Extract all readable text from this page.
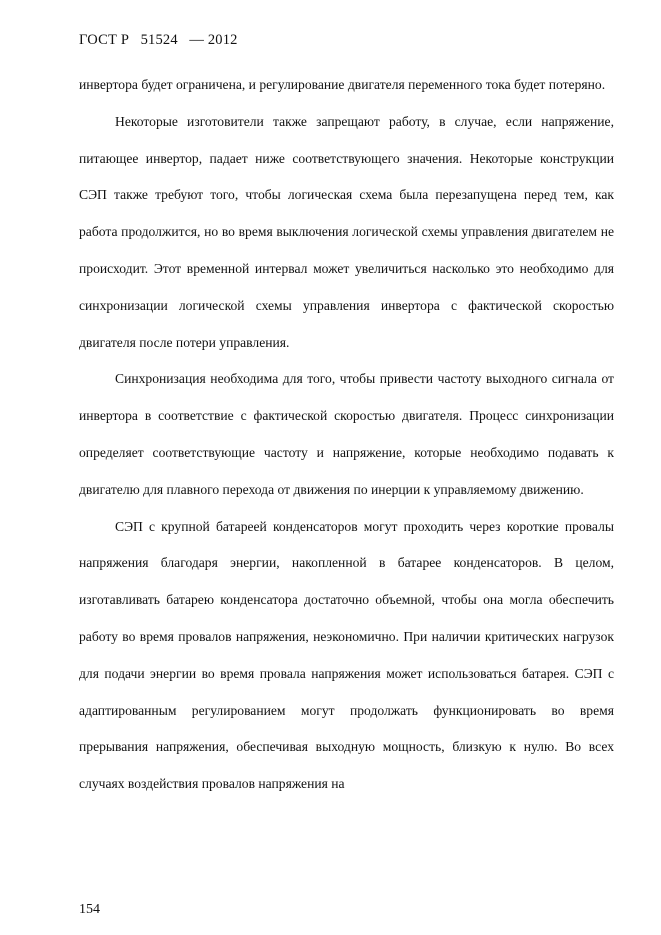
ГОСТ Р 51524 — 2012

инвертора будет ограничена, и регулирование двигателя переменного тока будет потеряно.

Некоторые изготовители также запрещают работу, в случае, если напряжение, питающее инвертор, падает ниже соответствующего значения. Некоторые конструкции СЭП также требуют того, чтобы логическая схема была перезапущена перед тем, как работа продолжится, но во время выключения логической схемы управления двигателем не происходит. Этот временной интервал может увеличиться насколько это необходимо для синхронизации логической схемы управления инвертора с фактической скоростью двигателя после потери управления.

Синхронизация необходима для того, чтобы привести частоту выходного сигнала от инвертора в соответствие с фактической скоростью двигателя. Процесс синхронизации определяет соответствующие частоту и напряжение, которые необходимо подавать к двигателю для плавного перехода от движения по инерции к управляемому движению.

СЭП с крупной батареей конденсаторов могут проходить через короткие провалы напряжения благодаря энергии, накопленной в батарее конденсаторов. В целом, изготавливать батарею конденсатора достаточно объемной, чтобы она могла обеспечить работу во время провалов напряжения, неэкономично. При наличии критических нагрузок для подачи энергии во время провала напряжения может использоваться батарея. СЭП с адаптированным регулированием могут продолжать функционировать во время прерывания напряжения, обеспечивая выходную мощность, близкую к нулю. Во всех случаях воздействия провалов напряжения на

154
